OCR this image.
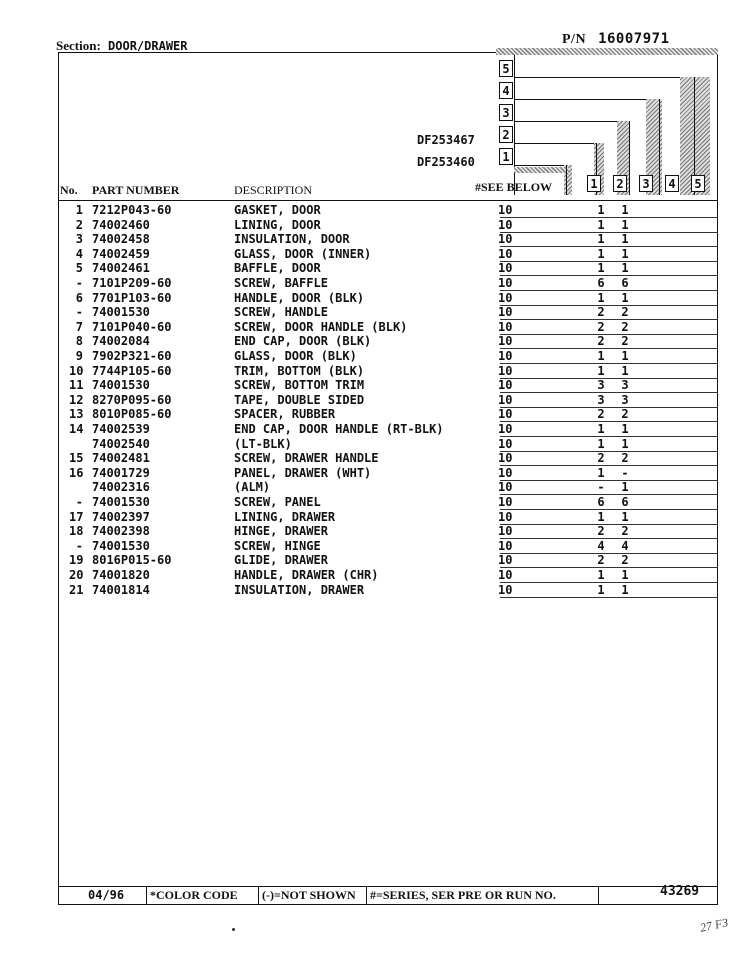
Section: DOOR/DRAWER	P/N 16007971
5
4
3
2
1
1 2 3 4 5
DF253467
DF253460
No. PART NUMBER	DESCRIPTION	#SEE BELOW
1 7212P043-60	GASKET, DOOR	10	1 1
2 74002460	LINING, DOOR	10	1 1
3 74002458	INSULATION, DOOR	10	1 1
4 74002459	GLASS, DOOR (INNER)	10	1 1
5 74002461	BAFFLE, DOOR	10	1 1
- 7101P209-60	SCREW, BAFFLE	10	6 6
6 7701P103-60	HANDLE, DOOR (BLK)	10	1 1
- 74001530	SCREW, HANDLE	10	2 2
7 7101P040-60	SCREW, DOOR HANDLE (BLK)	10	2 2
8 74002084	END CAP, DOOR (BLK)	10	2 2
9 7902P321-60	GLASS, DOOR (BLK)	10	1 1
10 7744P105-60	TRIM, BOTTOM (BLK)	10	1 1
11 74001530	SCREW, BOTTOM TRIM	10	3 3
12 8270P095-60	TAPE, DOUBLE SIDED	10	3 3
13 8010P085-60	SPACER, RUBBER	10	2 2
14 74002539	END CAP, DOOR HANDLE (RT-BLK)	10	1 1
74002540	(LT-BLK)	10	1 1
15 74002481	SCREW, DRAWER HANDLE	10	2 2
16 74001729	PANEL, DRAWER (WHT)	10	1 -
74002316	(ALM)	10	- 1
- 74001530	SCREW, PANEL	10	6 6
17 74002397	LINING, DRAWER	10	1 1
18 74002398	HINGE, DRAWER	10	2 2
- 74001530	SCREW, HINGE	10	4 4
19 8016P015-60	GLIDE, DRAWER	10	2 2
20 74001820	HANDLE, DRAWER (CHR)	10	1 1
21 74001814	INSULATION, DRAWER	10	1 1
04/96 *COLOR CODE (-)=NOT SHOWN #=SERIES, SER PRE OR RUN NO.	43269
27 F3
